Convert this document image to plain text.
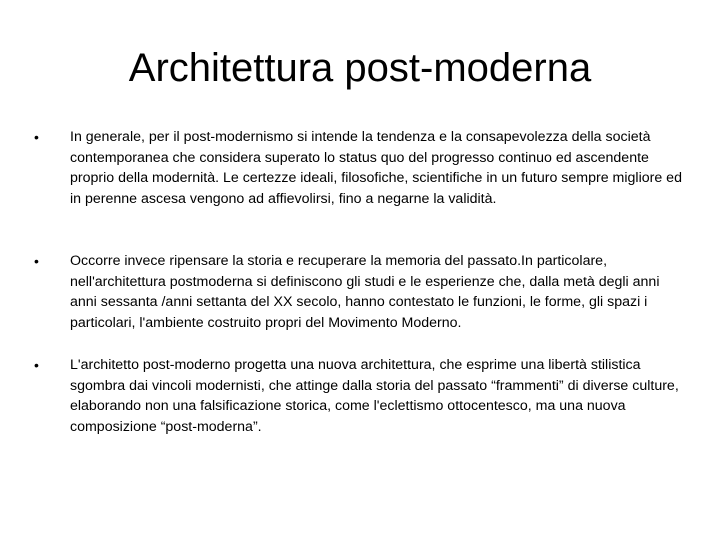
Architettura post-moderna
• In generale, per il post-modernismo si intende la tendenza e la consapevolezza della società contemporanea che considera superato lo status quo del progresso continuo ed ascendente proprio della modernità. Le certezze ideali, filosofiche, scientifiche in un futuro sempre migliore ed in perenne ascesa vengono ad affievolirsi, fino a negarne la validità.
• Occorre invece ripensare la storia e recuperare la memoria del passato.In particolare, nell'architettura postmoderna si definiscono gli studi e le esperienze che, dalla metà degli anni anni sessanta /anni settanta del XX secolo, hanno contestato le funzioni, le forme, gli spazi i particolari, l'ambiente costruito propri del Movimento Moderno.
• L'architetto post-moderno progetta una nuova architettura, che esprime una libertà stilistica sgombra dai vincoli modernisti, che attinge dalla storia del passato “frammenti” di diverse culture, elaborando non una falsificazione storica, come l'eclettismo ottocentesco, ma una nuova composizione “post-moderna”.
